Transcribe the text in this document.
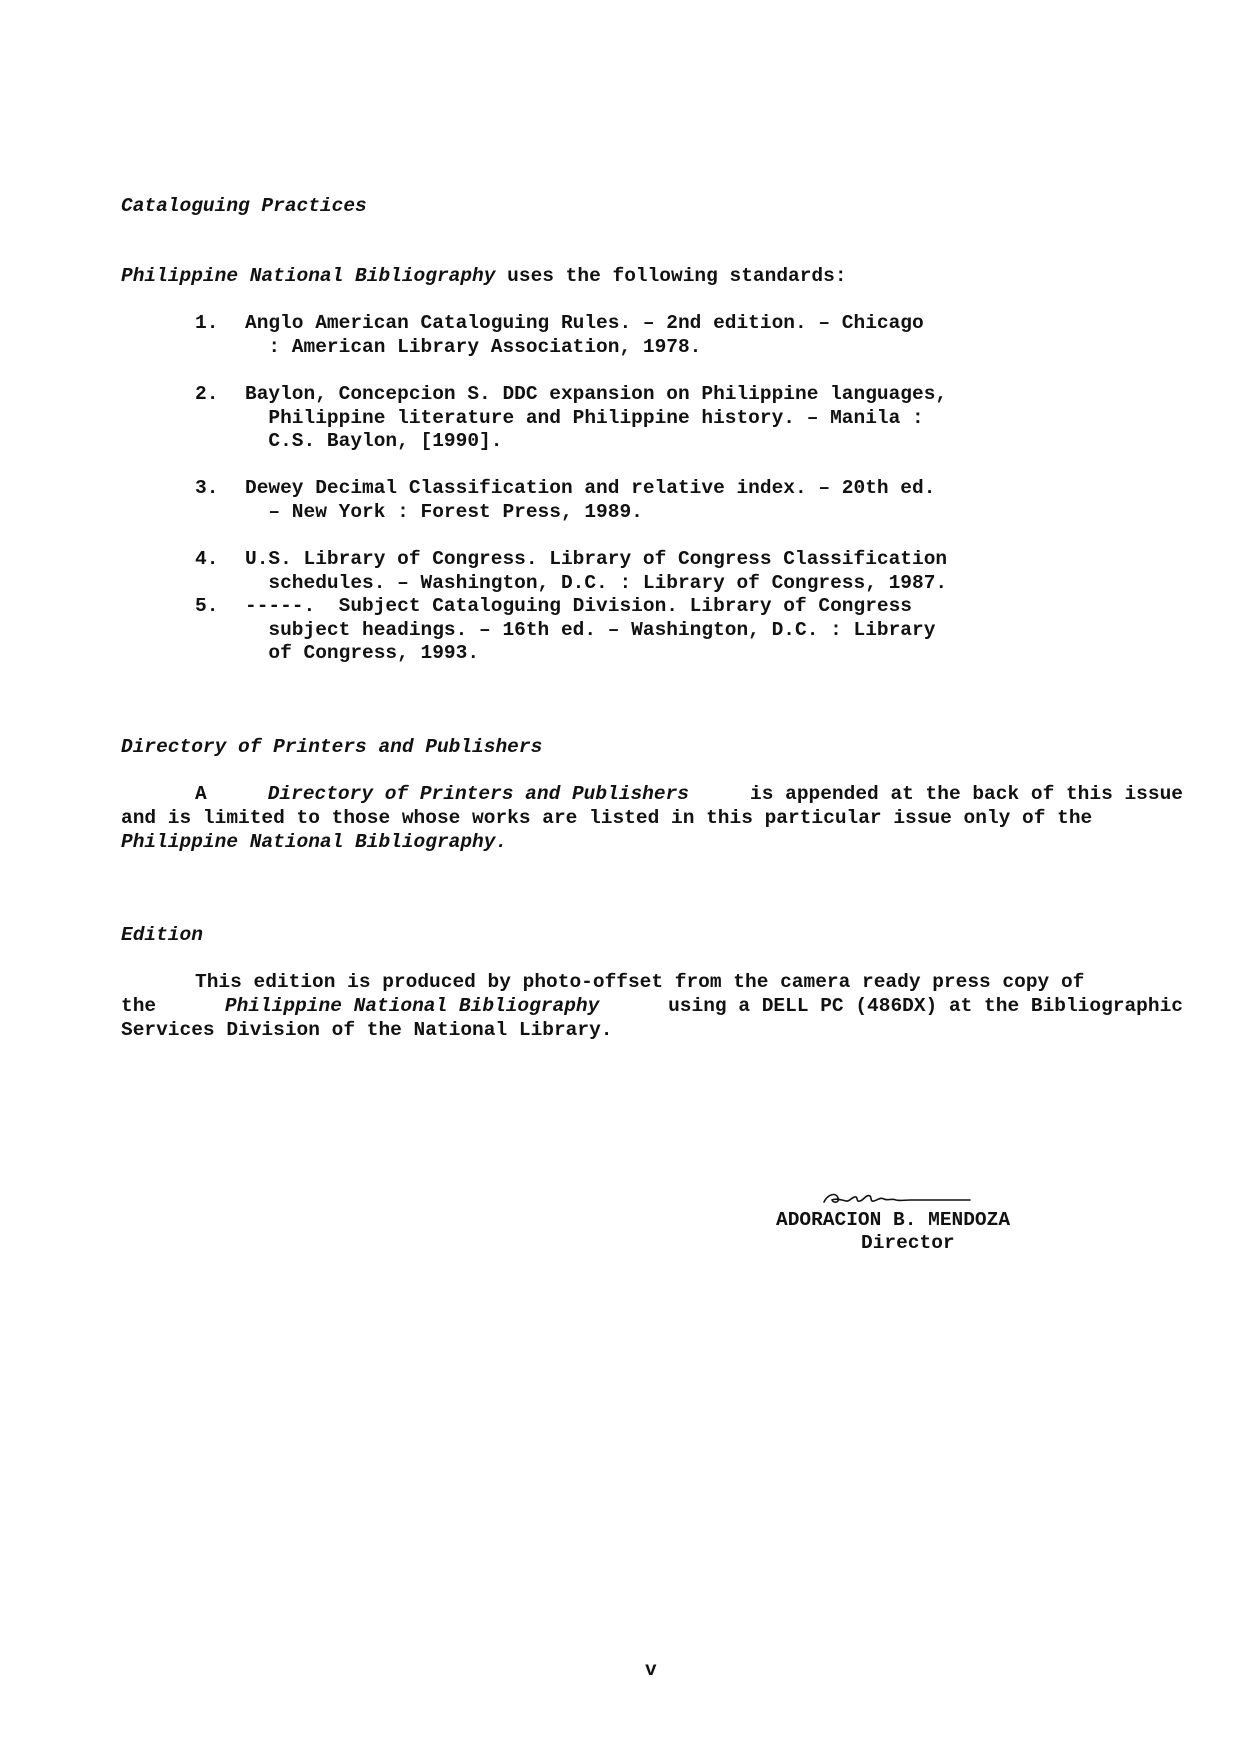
Cataloguing Practices
Philippine National Bibliography uses the following standards:
1. Anglo American Cataloguing Rules. – 2nd edition. – Chicago
: American Library Association, 1978.
2. Baylon, Concepcion S. DDC expansion on Philippine languages,
Philippine literature and Philippine history. – Manila :
C.S. Baylon, [1990].
3. Dewey Decimal Classification and relative index. – 20th ed.
– New York : Forest Press, 1989.
4. U.S. Library of Congress. Library of Congress Classification
schedules. – Washington, D.C. : Library of Congress, 1987.
5. -----.  Subject Cataloguing Division. Library of Congress
subject headings. – 16th ed. – Washington, D.C. : Library
of Congress, 1993.
Directory of Printers and Publishers
A	Directory of Printers and Publishers	is appended at the back of this issue
and is limited to those whose works are listed in this particular issue only of the
Philippine National Bibliography.
Edition
This edition is produced by photo-offset from the camera ready press copy of
the	Philippine National Bibliography	using a DELL PC (486DX) at the Bibliographic
Services Division of the National Library.
ADORACION B. MENDOZA
Director
v
